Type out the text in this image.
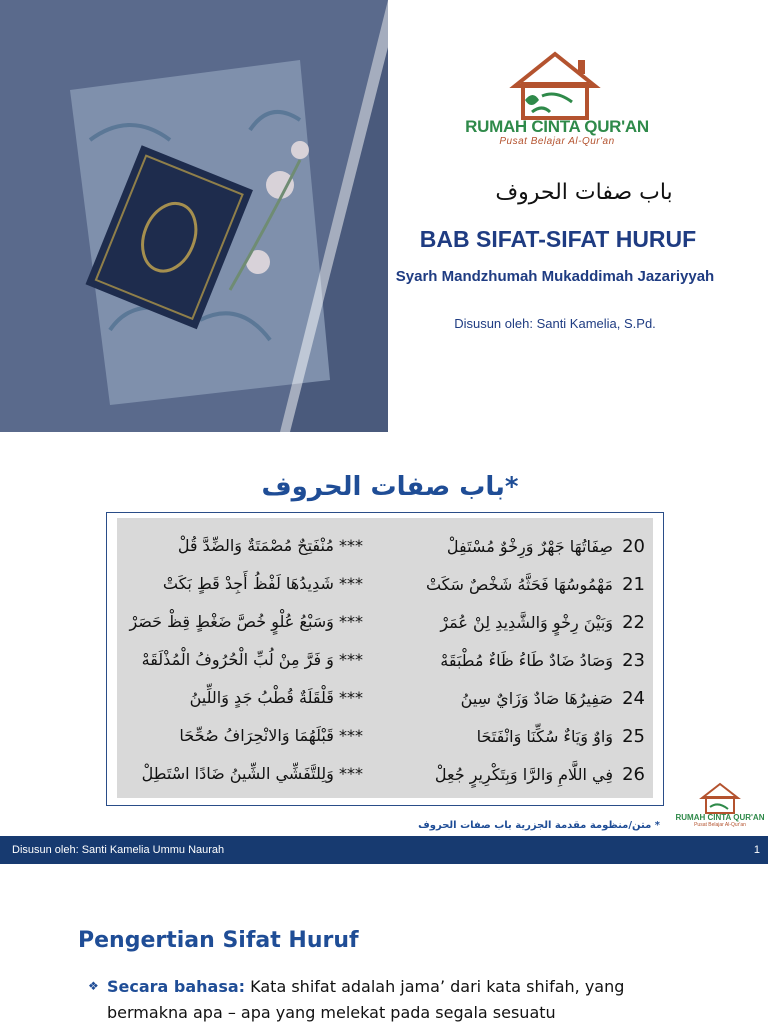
RUMAH CINTA QUR'AN
Pusat Belajar Al-Qur'an
باب صفات الحروف
BAB SIFAT-SIFAT HURUF
Syarh Mandzhumah Mukaddimah Jazariyyah
Disusun oleh: Santi Kamelia, S.Pd.
باب صفات الحروف*
20 صِفَاتُهَا جَهْرٌ وَرِخْوٌ مُسْتَفِلْ
*** مُنْفَتِحٌ مُصْمَتَةٌ وَالضِّدَّ قُلْ
21 مَهْمُوسُهَا فَحَثَّهُ شَخْصٌ سَكَتْ
*** شَدِيدُهَا لَفْظُ أَجِدْ قَطٍ بَكَتْ
22 وَبَيْنَ رِخْوٍ وَالشَّدِيدِ لِنْ عُمَرْ
*** وَسَبْعُ عُلْوٍ خُصَّ ضَغْطٍ قِظْ حَصَرْ
23 وَصَادُ ضَادٌ طَاءُ ظَاءٌ مُطْبَقَهْ
*** وَ فَرَّ مِنْ لُبِّ الْحُرُوفُ الْمُذْلَقَهْ
24 صَفِيرُهَا صَادٌ وَزَايٌ سِينُ
*** قَلْقَلَةٌ قُطْبُ جَدٍ وَاللِّينُ
25 وَاوٌ وَيَاءٌ سُكِّنَا وَانْفَتَحَا
*** قَبْلَهُمَا وَالانْحِرَافُ صُحِّحَا
26 فِي اللَّامِ وَالرَّا وَبِتَكْرِيرٍ جُعِلْ
*** وَلِلتَّفَشِّي الشِّينُ ضَادًا اسْتَطِلْ
RUMAH CINTA QUR'AN
Pusat Belajar Al-Qur'an
* متن/منظومة مقدمة الجزرية باب صفات الحروف
Disusun oleh: Santi Kamelia Ummu Naurah	1
Pengertian Sifat Huruf
❖ Secara bahasa: Kata shifat adalah jama’ dari kata shifah, yang bermakna apa – apa yang melekat pada segala sesuatu
